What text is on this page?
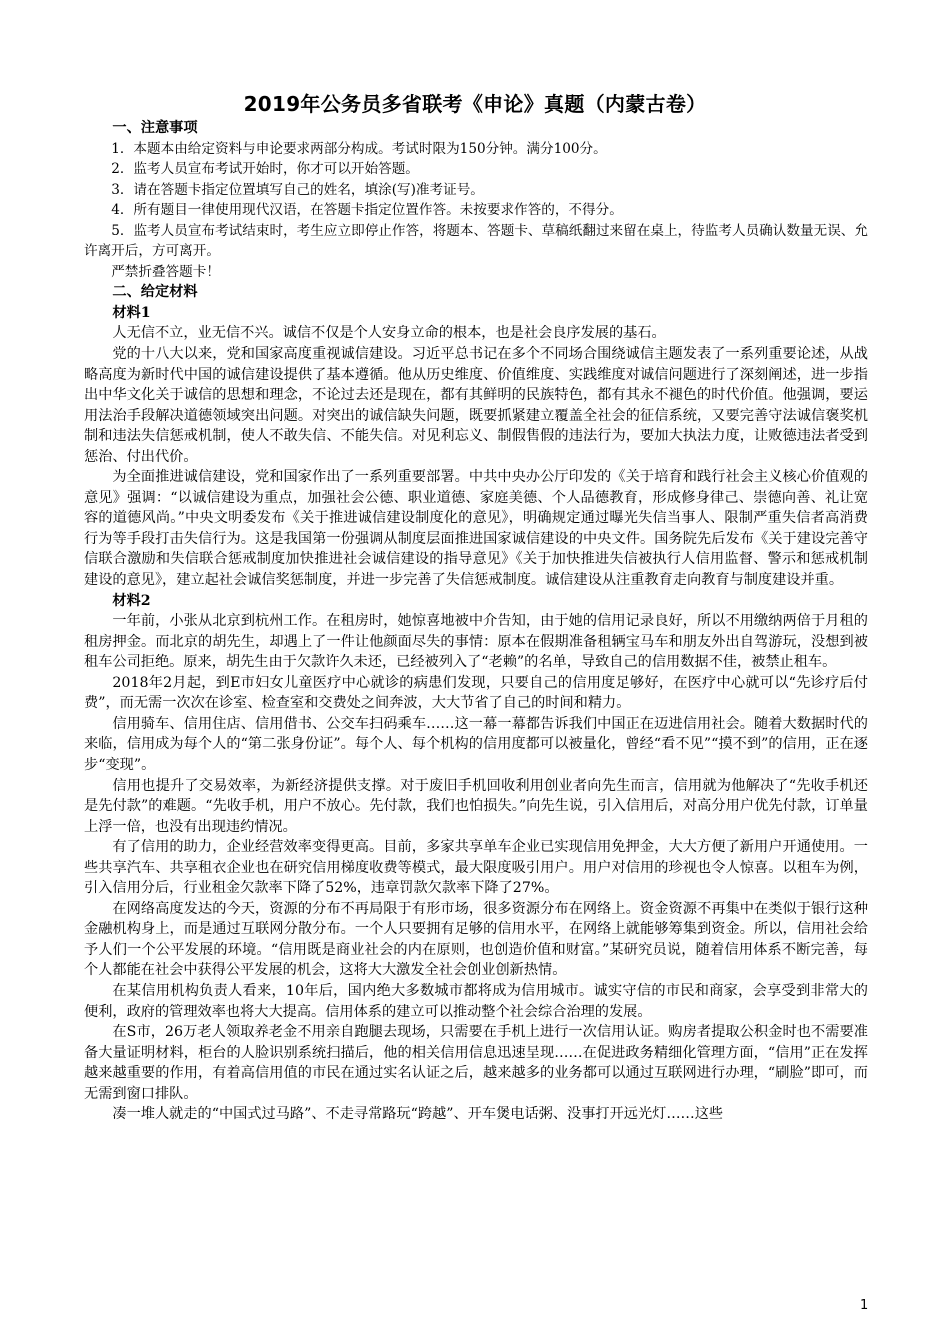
2019年公务员多省联考《申论》真题（内蒙古卷）

一、注意事项

1．本题本由给定资料与申论要求两部分构成。考试时限为150分钟。满分100分。

2．监考人员宣布考试开始时，你才可以开始答题。

3．请在答题卡指定位置填写自己的姓名，填涂(写)准考证号。

4．所有题目一律使用现代汉语，在答题卡指定位置作答。未按要求作答的，不得分。

5．监考人员宣布考试结束时，考生应立即停止作答，将题本、答题卡、草稿纸翻过来留在桌上，待监考人员确认数量无误、允许离开后，方可离开。

严禁折叠答题卡！

二、给定材料

材料1

人无信不立，业无信不兴。诚信不仅是个人安身立命的根本，也是社会良序发展的基石。

党的十八大以来，党和国家高度重视诚信建设。习近平总书记在多个不同场合围绕诚信主题发表了一系列重要论述，从战略高度为新时代中国的诚信建设提供了基本遵循。他从历史维度、价值维度、实践维度对诚信问题进行了深刻阐述，进一步指出中华文化关于诚信的思想和理念，不论过去还是现在，都有其鲜明的民族特色，都有其永不褪色的时代价值。他强调，要运用法治手段解决道德领域突出问题。对突出的诚信缺失问题，既要抓紧建立覆盖全社会的征信系统，又要完善守法诚信褒奖机制和违法失信惩戒机制，使人不敢失信、不能失信。对见利忘义、制假售假的违法行为，要加大执法力度，让败德违法者受到惩治、付出代价。

为全面推进诚信建设，党和国家作出了一系列重要部署。中共中央办公厅印发的《关于培育和践行社会主义核心价值观的意见》强调：“以诚信建设为重点，加强社会公德、职业道德、家庭美德、个人品德教育，形成修身律己、崇德向善、礼让宽容的道德风尚。”中央文明委发布《关于推进诚信建设制度化的意见》，明确规定通过曝光失信当事人、限制严重失信者高消费行为等手段打击失信行为。这是我国第一份强调从制度层面推进国家诚信建设的中央文件。国务院先后发布《关于建设完善守信联合激励和失信联合惩戒制度加快推进社会诚信建设的指导意见》《关于加快推进失信被执行人信用监督、警示和惩戒机制建设的意见》，建立起社会诚信奖惩制度，并进一步完善了失信惩戒制度。诚信建设从注重教育走向教育与制度建设并重。

材料2

一年前，小张从北京到杭州工作。在租房时，她惊喜地被中介告知，由于她的信用记录良好，所以不用缴纳两倍于月租的租房押金。而北京的胡先生，却遇上了一件让他颜面尽失的事情：原本在假期准备租辆宝马车和朋友外出自驾游玩，没想到被租车公司拒绝。原来，胡先生由于欠款许久未还，已经被列入了“老赖”的名单，导致自己的信用数据不佳，被禁止租车。

2018年2月起，到E市妇女儿童医疗中心就诊的病患们发现，只要自己的信用度足够好，在医疗中心就可以“先诊疗后付费”，而无需一次次在诊室、检查室和交费处之间奔波，大大节省了自己的时间和精力。

信用骑车、信用住店、信用借书、公交车扫码乘车……这一幕一幕都告诉我们中国正在迈进信用社会。随着大数据时代的来临，信用成为每个人的“第二张身份证”。每个人、每个机构的信用度都可以被量化，曾经“看不见”“摸不到”的信用，正在逐步“变现”。

信用也提升了交易效率，为新经济提供支撑。对于废旧手机回收利用创业者向先生而言，信用就为他解决了“先收手机还是先付款”的难题。“先收手机，用户不放心。先付款，我们也怕损失。”向先生说，引入信用后，对高分用户优先付款，订单量上浮一倍，也没有出现违约情况。

有了信用的助力，企业经营效率变得更高。目前，多家共享单车企业已实现信用免押金，大大方便了新用户开通使用。一些共享汽车、共享租衣企业也在研究信用梯度收费等模式，最大限度吸引用户。用户对信用的珍视也令人惊喜。以租车为例，引入信用分后，行业租金欠款率下降了52%，违章罚款欠款率下降了27%。

在网络高度发达的今天，资源的分布不再局限于有形市场，很多资源分布在网络上。资金资源不再集中在类似于银行这种金融机构身上，而是通过互联网分散分布。一个人只要拥有足够的信用水平，在网络上就能够筹集到资金。所以，信用社会给予人们一个公平发展的环境。“信用既是商业社会的内在原则，也创造价值和财富。”某研究员说，随着信用体系不断完善，每个人都能在社会中获得公平发展的机会，这将大大激发全社会创业创新热情。

在某信用机构负责人看来，10年后，国内绝大多数城市都将成为信用城市。诚实守信的市民和商家，会享受到非常大的便利，政府的管理效率也将大大提高。信用体系的建立可以推动整个社会综合治理的发展。

在S市，26万老人领取养老金不用亲自跑腿去现场，只需要在手机上进行一次信用认证。购房者提取公积金时也不需要准备大量证明材料，柜台的人脸识别系统扫描后，他的相关信用信息迅速呈现……在促进政务精细化管理方面，“信用”正在发挥越来越重要的作用，有着高信用值的市民在通过实名认证之后，越来越多的业务都可以通过互联网进行办理，“刷脸”即可，而无需到窗口排队。

凑一堆人就走的“中国式过马路”、不走寻常路玩“跨越”、开车煲电话粥、没事打开远光灯……这些

1
